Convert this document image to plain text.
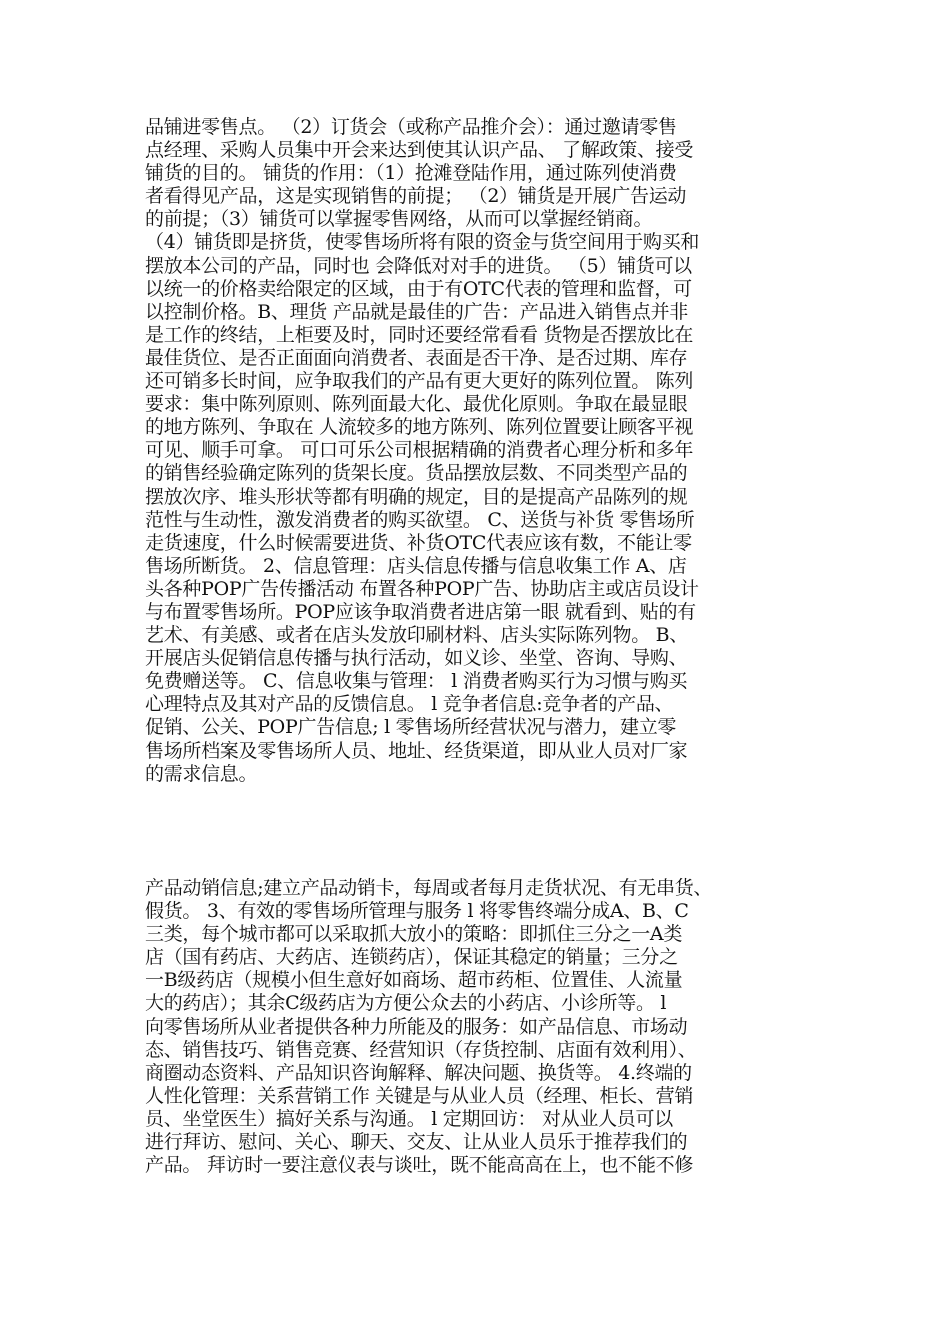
品铺进零售点。 （2）订货会（或称产品推介会）：通过邀请零售
点经理、采购人员集中开会来达到使其认识产品、 了解政策、接受
铺货的目的。 铺货的作用：（1）抢滩登陆作用，通过陈列使消费
者看得见产品，这是实现销售的前提； （2）铺货是开展广告运动
的前提；（3）铺货可以掌握零售网络，从而可以掌握经销商。
（4）铺货即是挤货，使零售场所将有限的资金与货空间用于购买和
摆放本公司的产品，同时也 会降低对对手的进货。 （5）铺货可以
以统一的价格卖给限定的区域，由于有OTC代表的管理和监督，可
以控制价格。B、理货 产品就是最佳的广告：产品进入销售点并非
是工作的终结，上柜要及时，同时还要经常看看 货物是否摆放比在
最佳货位、是否正面面向消费者、表面是否干净、是否过期、库存
还可销多长时间，应争取我们的产品有更大更好的陈列位置。 陈列
要求：集中陈列原则、陈列面最大化、最优化原则。争取在最显眼
的地方陈列、争取在 人流较多的地方陈列、陈列位置要让顾客平视
可见、顺手可拿。 可口可乐公司根据精确的消费者心理分析和多年
的销售经验确定陈列的货架长度。货品摆放层数、不同类型产品的
摆放次序、堆头形状等都有明确的规定，目的是提高产品陈列的规
范性与生动性，激发消费者的购买欲望。 C、送货与补货 零售场所
走货速度，什么时候需要进货、补货OTC代表应该有数，不能让零
售场所断货。 2、信息管理：店头信息传播与信息收集工作 A、店
头各种POP广告传播活动 布置各种POP广告、协助店主或店员设计
与布置零售场所。POP应该争取消费者进店第一眼 就看到、贴的有
艺术、有美感、或者在店头发放印刷材料、店头实际陈列物。 B、
开展店头促销信息传播与执行活动，如义诊、坐堂、咨询、导购、
免费赠送等。 C、信息收集与管理： l 消费者购买行为习惯与购买
心理特点及其对产品的反馈信息。 l 竞争者信息:竞争者的产品、
促销、公关、POP广告信息; l 零售场所经营状况与潜力，建立零
售场所档案及零售场所人员、地址、经货渠道，即从业人员对厂家
的需求信息。
产品动销信息;建立产品动销卡，每周或者每月走货状况、有无串货、
假货。 3、有效的零售场所管理与服务 l 将零售终端分成A、B、C
三类，每个城市都可以采取抓大放小的策略：即抓住三分之一A类
店（国有药店、大药店、连锁药店），保证其稳定的销量；三分之
一B级药店（规模小但生意好如商场、超市药柜、位置佳、人流量
大的药店）；其余C级药店为方便公众去的小药店、小诊所等。 l
向零售场所从业者提供各种力所能及的服务：如产品信息、市场动
态、销售技巧、销售竞赛、经营知识（存货控制、店面有效利用）、
商圈动态资料、产品知识咨询解释、解决问题、换货等。 4.终端的
人性化管理：关系营销工作 关键是与从业人员（经理、柜长、营销
员、坐堂医生）搞好关系与沟通。 l 定期回访： 对从业人员可以
进行拜访、慰问、关心、聊天、交友、让从业人员乐于推荐我们的
产品。 拜访时一要注意仪表与谈吐，既不能高高在上，也不能不修
